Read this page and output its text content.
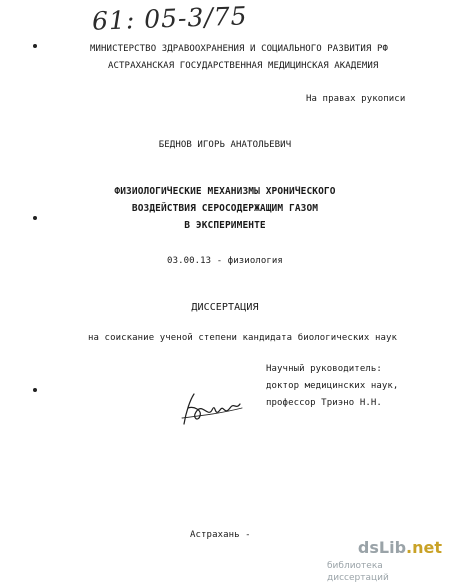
61: 05-3/75
МИНИСТЕРСТВО ЗДРАВООХРАНЕНИЯ И СОЦИАЛЬНОГО РАЗВИТИЯ РФ
АСТРАХАНСКАЯ ГОСУДАРСТВЕННАЯ МЕДИЦИНСКАЯ АКАДЕМИЯ
На правах рукописи
БЕДНОВ ИГОРЬ АНАТОЛЬЕВИЧ
ФИЗИОЛОГИЧЕСКИЕ МЕХАНИЗМЫ ХРОНИЧЕСКОГО
ВОЗДЕЙСТВИЯ СЕРОСОДЕРЖАЩИМ ГАЗОМ
В ЭКСПЕРИМЕНТЕ
03.00.13 - физиология
ДИССЕРТАЦИЯ
на соискание ученой степени кандидата биологических наук
Научный руководитель:
доктор медицинских наук,
профессор Триэно Н.Н.
Астрахань -
dsLib.net
библиотека диссертаций
